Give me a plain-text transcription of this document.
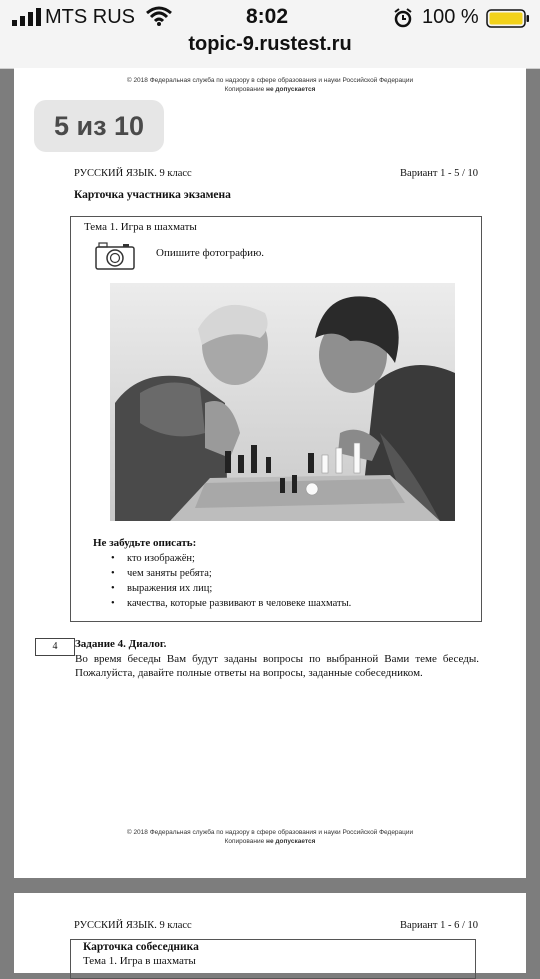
MTS RUS	8:02	100 %
topic-9.rustest.ru
© 2018 Федеральная служба по надзору в сфере образования и науки Российской Федерации
Копирование не допускается
РУССКИЙ ЯЗЫК. 9 класс	Вариант 1 - 5 / 10
Карточка участника экзамена
Тема 1. Игра в шахматы
Опишите фотографию.
Не забудьте описать:
• кто изображён;
• чем заняты ребята;
• выражения их лиц;
• качества, которые развивают в человеке шахматы.
4	Задание 4. Диалог.
Во время беседы Вам будут заданы вопросы по выбранной Вами теме беседы. Пожалуйста, давайте полные ответы на вопросы, заданные собеседником.
© 2018 Федеральная служба по надзору в сфере образования и науки Российской Федерации
Копирование не допускается
5 из 10
РУССКИЙ ЯЗЫК. 9 класс	Вариант 1 - 6 / 10
Карточка собеседника
Тема 1. Игра в шахматы
